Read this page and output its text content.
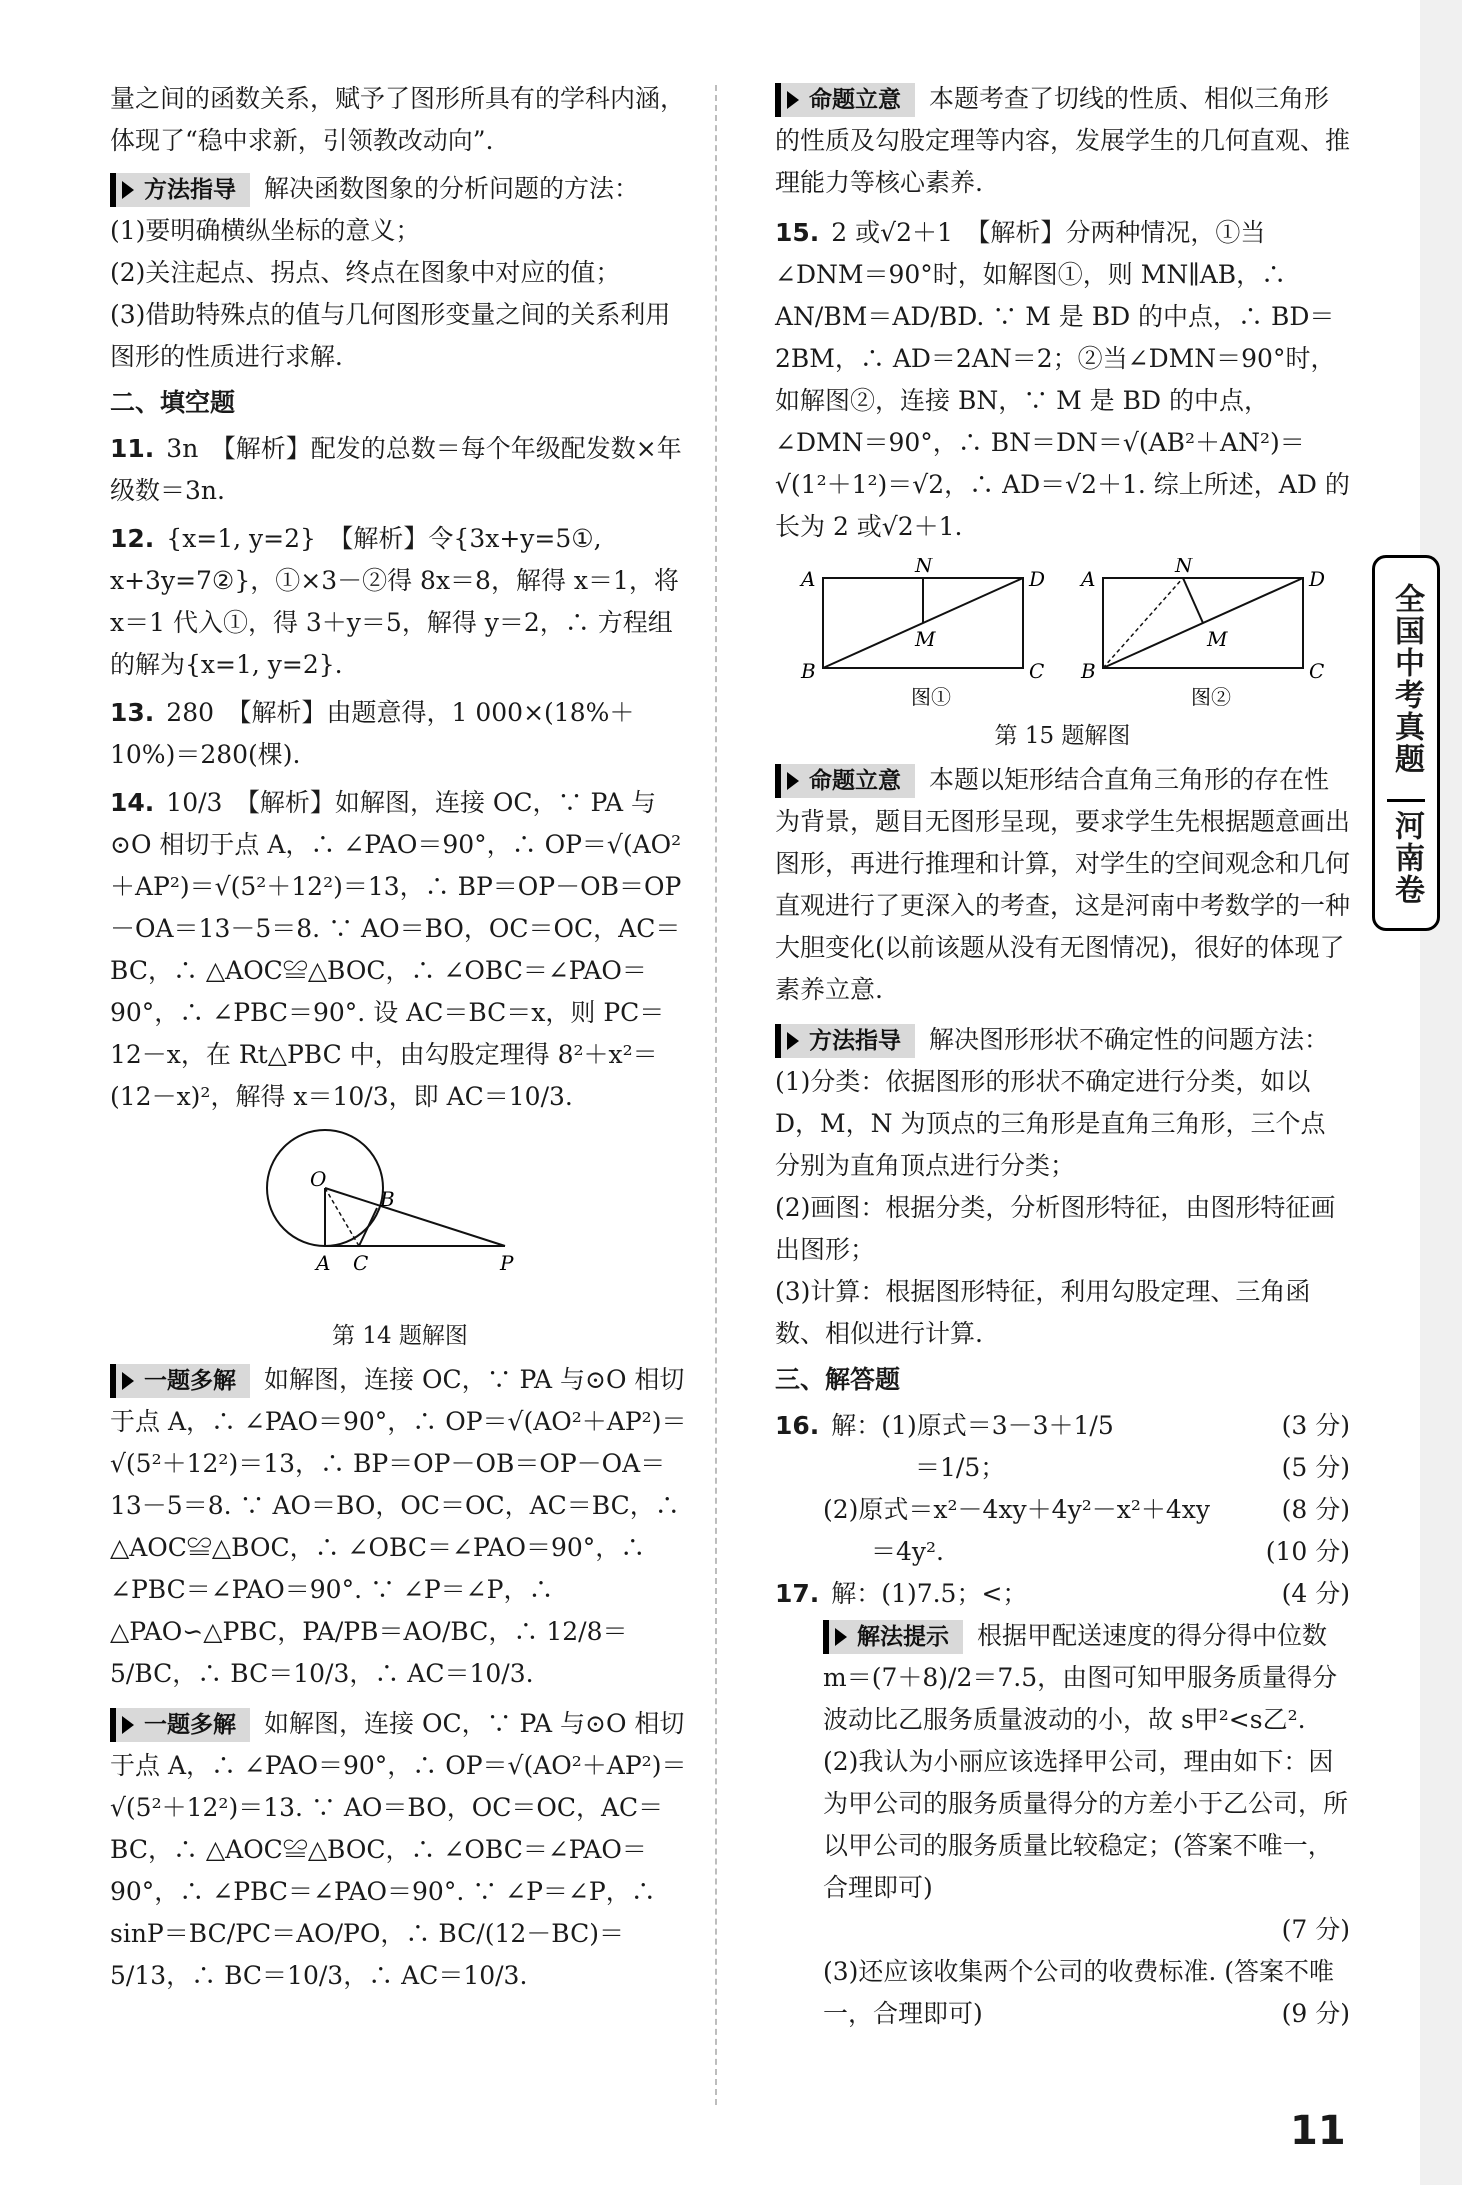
量之间的函数关系，赋予了图形所具有的学科内涵，

体现了“稳中求新，引领教改动向”．

方法指导 解决函数图象的分析问题的方法：

(1)要明确横纵坐标的意义；

(2)关注起点、拐点、终点在图象中对应的值；

(3)借助特殊点的值与几何图形变量之间的关系利用图形的性质进行求解．

二、填空题

11. 3n　【解析】配发的总数＝每个年级配发数×年级数＝3n.

12. {x=1, y=2}　【解析】令{3x+y=5①, x+3y=7②}，①×3－②得 8x＝8，解得 x＝1，将 x＝1 代入①，得 3＋y＝5，解得 y＝2，∴ 方程组的解为{x=1, y=2}.

13. 280　【解析】由题意得，1 000×(18%＋10%)＝280(棵).

14. 10/3　【解析】如解图，连接 OC，∵ PA 与⊙O 相切于点 A，∴ ∠PAO＝90°，∴ OP＝√(AO²＋AP²)＝√(5²＋12²)＝13，∴ BP＝OP－OB＝OP－OA＝13－5＝8. ∵ AO＝BO，OC＝OC，AC＝BC，∴ △AOC≌△BOC，∴ ∠OBC＝∠PAO＝90°，∴ ∠PBC＝90°. 设 AC＝BC＝x，则 PC＝12－x，在 Rt△PBC 中，由勾股定理得 8²＋x²＝(12－x)²，解得 x＝10/3，即 AC＝10/3.

O
B
A C	P
第 14 题解图

一题多解 如解图，连接 OC，∵ PA 与⊙O 相切于点 A，∴ ∠PAO＝90°，∴ OP＝√(AO²＋AP²)＝√(5²＋12²)＝13，∴ BP＝OP－OB＝OP－OA＝13－5＝8. ∵ AO＝BO，OC＝OC，AC＝BC，∴ △AOC≌△BOC，∴ ∠OBC＝∠PAO＝90°，∴ ∠PBC＝∠PAO＝90°. ∵ ∠P＝∠P，∴ △PAO∽△PBC，PA/PB＝AO/BC，∴ 12/8＝5/BC，∴ BC＝10/3，∴ AC＝10/3.

一题多解 如解图，连接 OC，∵ PA 与⊙O 相切于点 A，∴ ∠PAO＝90°，∴ OP＝√(AO²＋AP²)＝√(5²＋12²)＝13. ∵ AO＝BO，OC＝OC，AC＝BC，∴ △AOC≌△BOC，∴ ∠OBC＝∠PAO＝90°，∴ ∠PBC＝∠PAO＝90°. ∵ ∠P＝∠P，∴ sinP＝BC/PC＝AO/PO，∴ BC/(12－BC)＝5/13，∴ BC＝10/3，∴ AC＝10/3.

命题立意 本题考查了切线的性质、相似三角形的性质及勾股定理等内容，发展学生的几何直观、推理能力等核心素养.

15. 2 或√2＋1　【解析】分两种情况，①当∠DNM＝90°时，如解图①，则 MN∥AB，∴ AN/BM＝AD/BD. ∵ M 是 BD 的中点，∴ BD＝2BM，∴ AD＝2AN＝2；②当∠DMN＝90°时，如解图②，连接 BN，∵ M 是 BD 的中点，∠DMN＝90°，∴ BN＝DN＝√(AB²＋AN²)＝√(1²＋1²)＝√2，∴ AD＝√2＋1. 综上所述，AD 的长为 2 或√2＋1.

A
N
D
M
B	C
A
N
D
M
B	C
图①	图②
第 15 题解图

命题立意 本题以矩形结合直角三角形的存在性为背景，题目无图形呈现，要求学生先根据题意画出图形，再进行推理和计算，对学生的空间观念和几何直观进行了更深入的考查，这是河南中考数学的一种大胆变化(以前该题从没有无图情况)，很好的体现了素养立意.

方法指导 解决图形形状不确定性的问题方法：

(1)分类：依据图形的形状不确定进行分类，如以 D，M，N 为顶点的三角形是直角三角形，三个点分别为直角顶点进行分类；

(2)画图：根据分类，分析图形特征，由图形特征画出图形；

(3)计算：根据图形特征，利用勾股定理、三角函数、相似进行计算.

三、解答题

16. 解：(1)原式＝3－3＋1/5	(3 分)

＝1/5；	(5 分)

(2)原式＝x²－4xy＋4y²－x²＋4xy	(8 分)

＝4y².	(10 分)

17. 解：(1)7.5；<；	(4 分)

解法提示 根据甲配送速度的得分得中位数 m＝(7＋8)/2＝7.5，由图可知甲服务质量得分波动比乙服务质量波动的小，故 s甲²<s乙².

(2)我认为小丽应该选择甲公司，理由如下：因为甲公司的服务质量得分的方差小于乙公司，所以甲公司的服务质量比较稳定；(答案不唯一，合理即可)

(7 分)

(3)还应该收集两个公司的收费标准. (答案不唯一，合理即可)	(9 分)

全国中考真题
河南卷
11
